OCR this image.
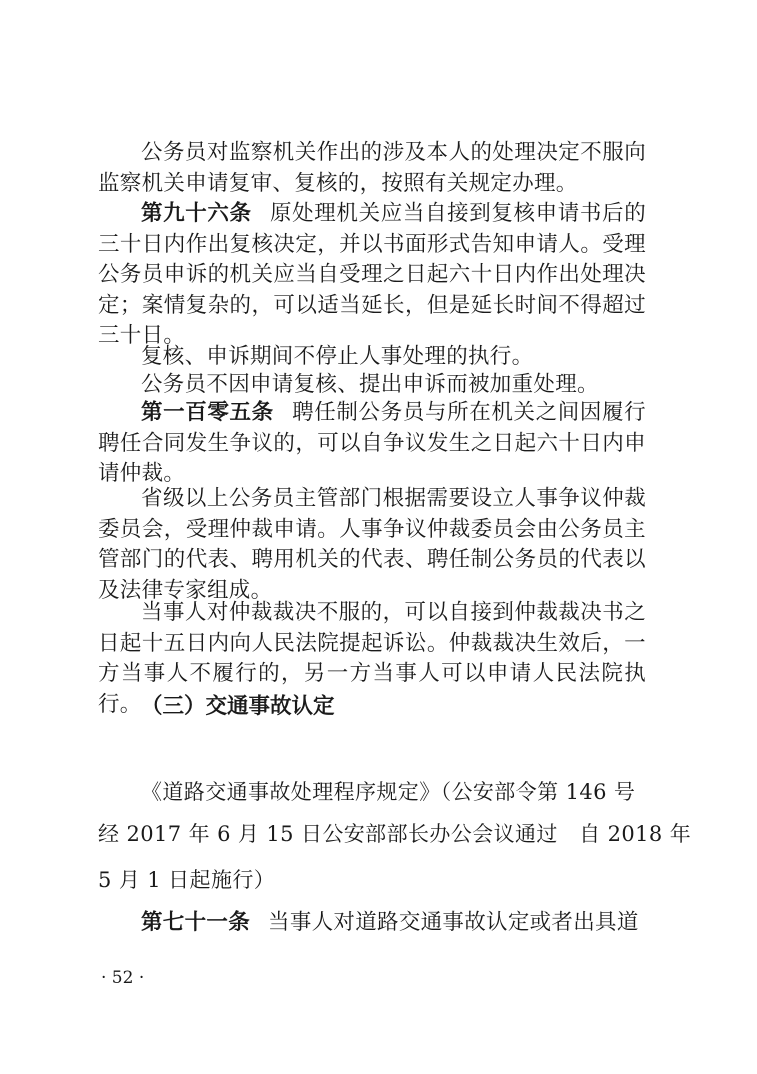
公务员对监察机关作出的涉及本人的处理决定不服向监察机关申请复审、复核的，按照有关规定办理。

第九十六条 原处理机关应当自接到复核申请书后的三十日内作出复核决定，并以书面形式告知申请人。受理公务员申诉的机关应当自受理之日起六十日内作出处理决定；案情复杂的，可以适当延长，但是延长时间不得超过三十日。

复核、申诉期间不停止人事处理的执行。

公务员不因申请复核、提出申诉而被加重处理。

第一百零五条 聘任制公务员与所在机关之间因履行聘任合同发生争议的，可以自争议发生之日起六十日内申请仲裁。

省级以上公务员主管部门根据需要设立人事争议仲裁委员会，受理仲裁申请。人事争议仲裁委员会由公务员主管部门的代表、聘用机关的代表、聘任制公务员的代表以及法律专家组成。

当事人对仲裁裁决不服的，可以自接到仲裁裁决书之日起十五日内向人民法院提起诉讼。仲裁裁决生效后，一方当事人不履行的，另一方当事人可以申请人民法院执行。 （三）交通事故认定

《道路交通事故处理程序规定》（公安部令第 146 号

经 2017 年 6 月 15 日公安部部长办公会议通过　自 2018 年

5 月 1 日起施行）

第七十一条 当事人对道路交通事故认定或者出具道

· 52 ·
